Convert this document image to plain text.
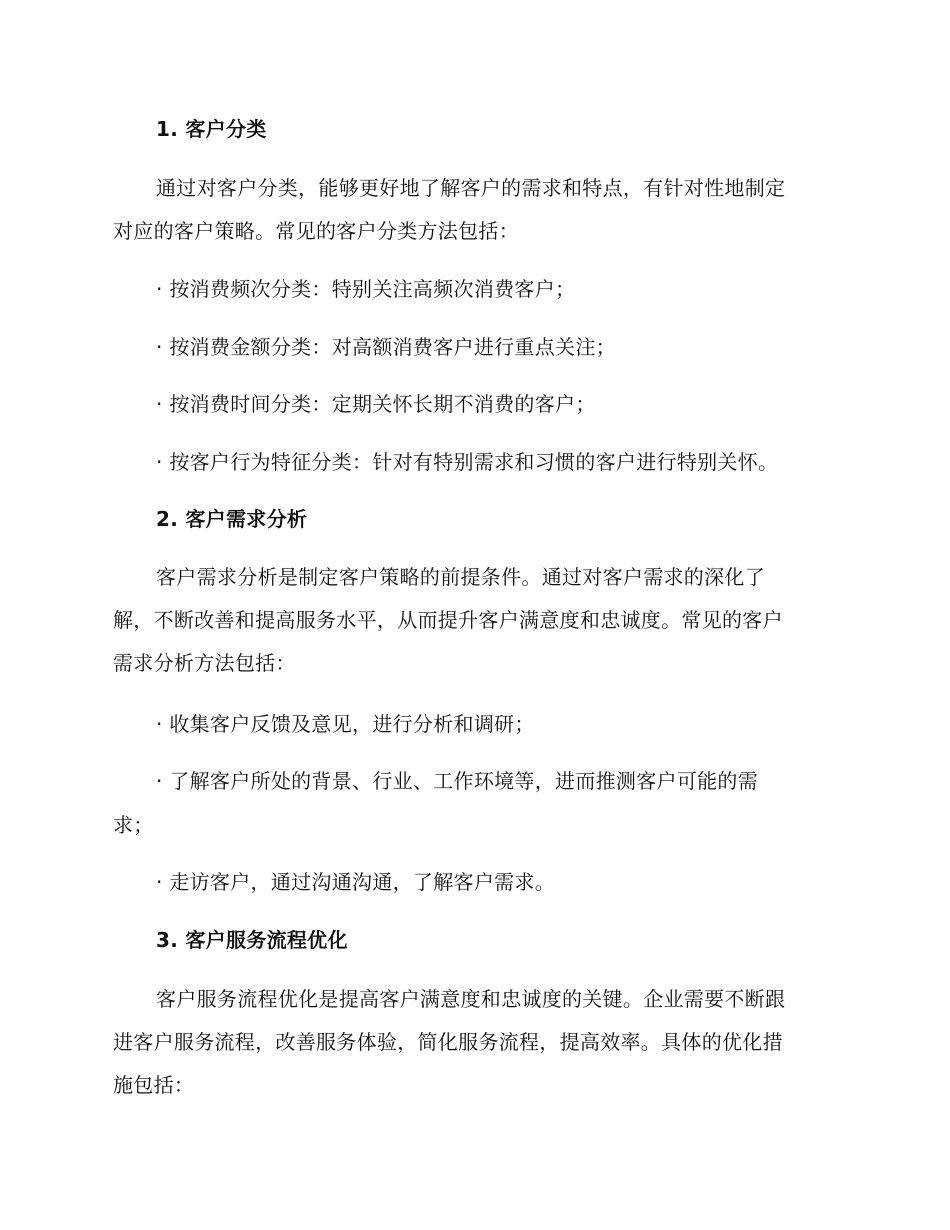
1. 客户分类
通过对客户分类，能够更好地了解客户的需求和特点，有针对性地制定
对应的客户策略。常见的客户分类方法包括：
· 按消费频次分类：特别关注高频次消费客户；
· 按消费金额分类：对高额消费客户进行重点关注；
· 按消费时间分类：定期关怀长期不消费的客户；
· 按客户行为特征分类：针对有特别需求和习惯的客户进行特别关怀。
2. 客户需求分析
客户需求分析是制定客户策略的前提条件。通过对客户需求的深化了
解，不断改善和提高服务水平，从而提升客户满意度和忠诚度。常见的客户
需求分析方法包括：
· 收集客户反馈及意见，进行分析和调研；
· 了解客户所处的背景、行业、工作环境等，进而推测客户可能的需
求；
· 走访客户，通过沟通沟通，了解客户需求。
3. 客户服务流程优化
客户服务流程优化是提高客户满意度和忠诚度的关键。企业需要不断跟
进客户服务流程，改善服务体验，简化服务流程，提高效率。具体的优化措
施包括：
